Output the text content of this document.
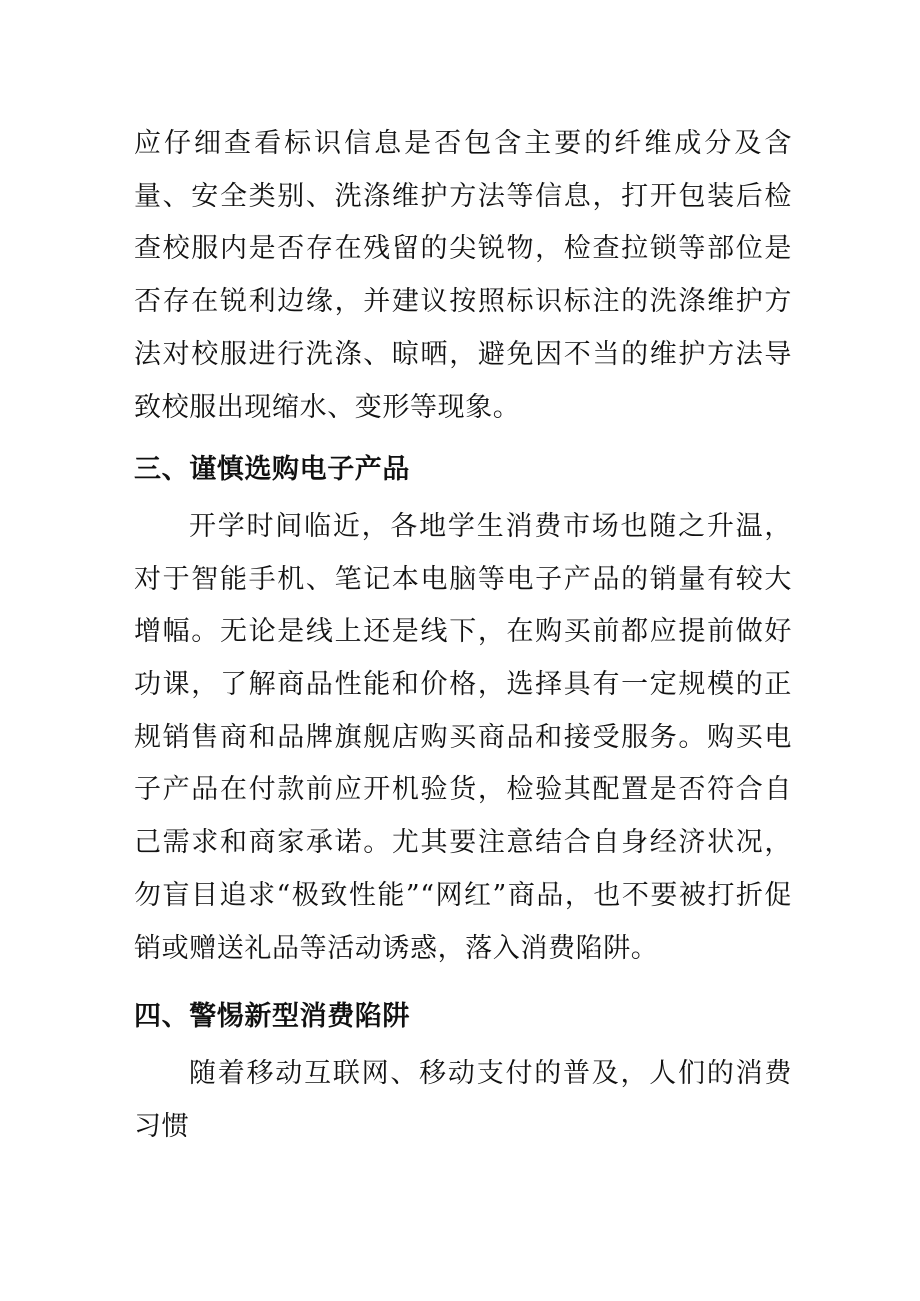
应仔细查看标识信息是否包含主要的纤维成分及含量、安全类别、洗涤维护方法等信息，打开包装后检查校服内是否存在残留的尖锐物，检查拉锁等部位是否存在锐利边缘，并建议按照标识标注的洗涤维护方法对校服进行洗涤、晾晒，避免因不当的维护方法导致校服出现缩水、变形等现象。

三、谨慎选购电子产品

开学时间临近，各地学生消费市场也随之升温，对于智能手机、笔记本电脑等电子产品的销量有较大增幅。无论是线上还是线下，在购买前都应提前做好功课，了解商品性能和价格，选择具有一定规模的正规销售商和品牌旗舰店购买商品和接受服务。购买电子产品在付款前应开机验货，检验其配置是否符合自己需求和商家承诺。尤其要注意结合自身经济状况，勿盲目追求“极致性能”“网红”商品，也不要被打折促销或赠送礼品等活动诱惑，落入消费陷阱。

四、警惕新型消费陷阱

随着移动互联网、移动支付的普及，人们的消费习惯
